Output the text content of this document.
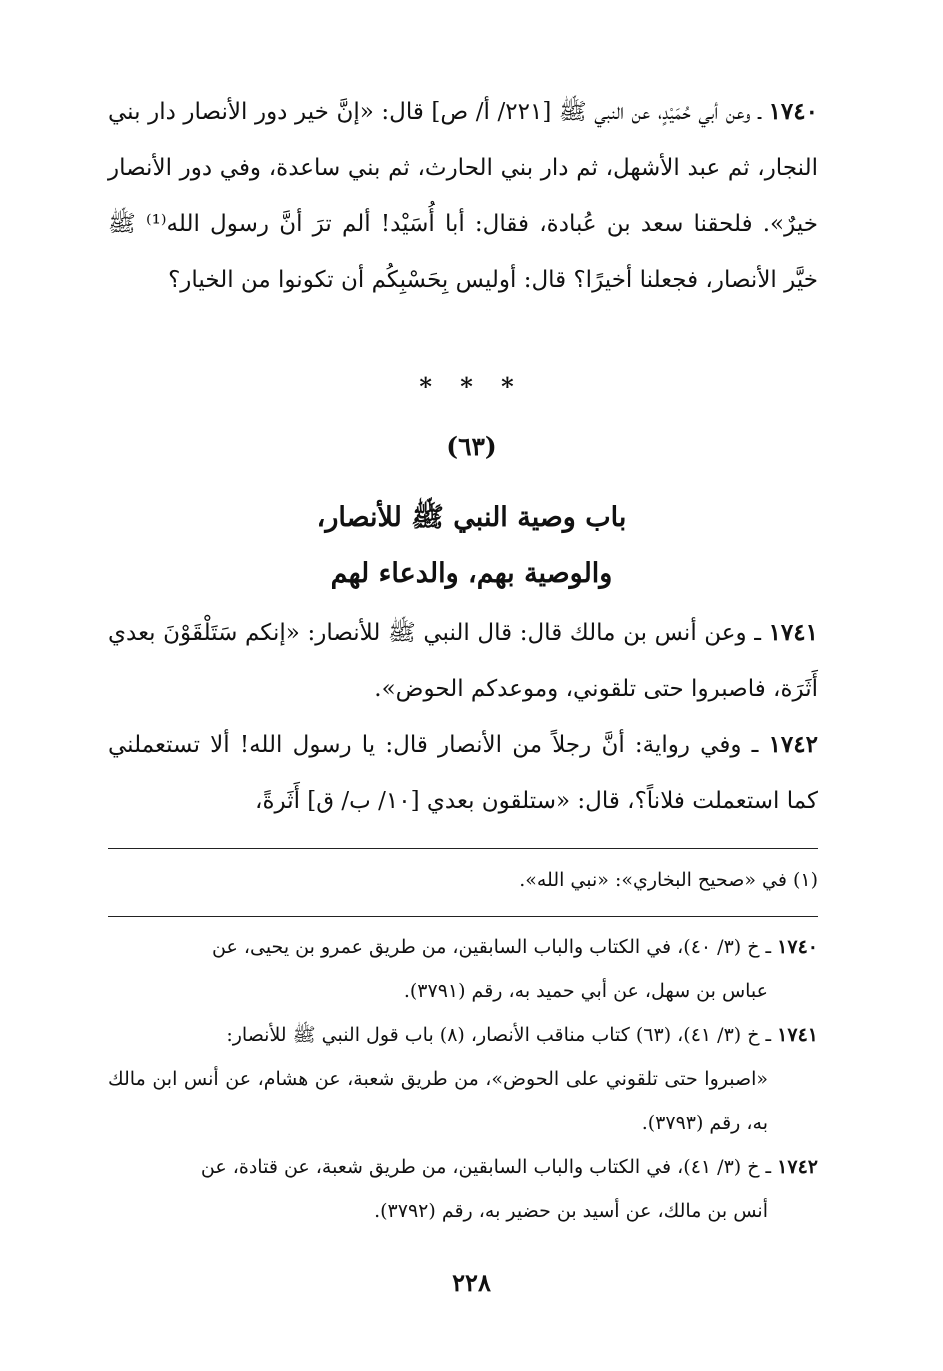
١٧٤٠ ـ وعن أبي حُمَيْدٍ، عن النبي ﷺ [٢٢١/ أ/ ص] قال: «إنَّ خير دور الأنصار دار بني النجار، ثم عبد الأشهل، ثم دار بني الحارث، ثم بني ساعدة، وفي دور الأنصار خيرٌ». فلحقنا سعد بن عُبادة، فقال: أبا أُسَيْد! ألم ترَ أنَّ رسول الله⁽¹⁾ ﷺ خيَّر الأنصار، فجعلنا أخيرًا؟ قال: أوليس بِحَسْبِكُم أن تكونوا من الخيار؟

* * *
(٦٣)
باب وصية النبي ﷺ للأنصار،
والوصية بهم، والدعاء لهم

١٧٤١ ـ وعن أنس بن مالك قال: قال النبي ﷺ للأنصار: «إنكم سَتَلْقَوْنَ بعدي أَثَرَة، فاصبروا حتى تلقوني، وموعدكم الحوض».

١٧٤٢ ـ وفي رواية: أنَّ رجلاً من الأنصار قال: يا رسول الله! ألا تستعملني كما استعملت فلاناً؟، قال: «ستلقون بعدي [١٠/ ب/ ق] أَثَرةً،

(١) في «صحيح البخاري»: «نبي الله».
١٧٤٠ ـ خ (٣/ ٤٠)، في الكتاب والباب السابقين، من طريق عمرو بن يحيى، عن
عباس بن سهل، عن أبي حميد به، رقم (٣٧٩١).
١٧٤١ ـ خ (٣/ ٤١)، (٦٣) كتاب مناقب الأنصار، (٨) باب قول النبي ﷺ للأنصار:
«اصبروا حتى تلقوني على الحوض»، من طريق شعبة، عن هشام، عن أنس ابن مالك به، رقم (٣٧٩٣).
١٧٤٢ ـ خ (٣/ ٤١)، في الكتاب والباب السابقين، من طريق شعبة، عن قتادة، عن
أنس بن مالك، عن أسيد بن حضير به، رقم (٣٧٩٢).
٢٢٨
